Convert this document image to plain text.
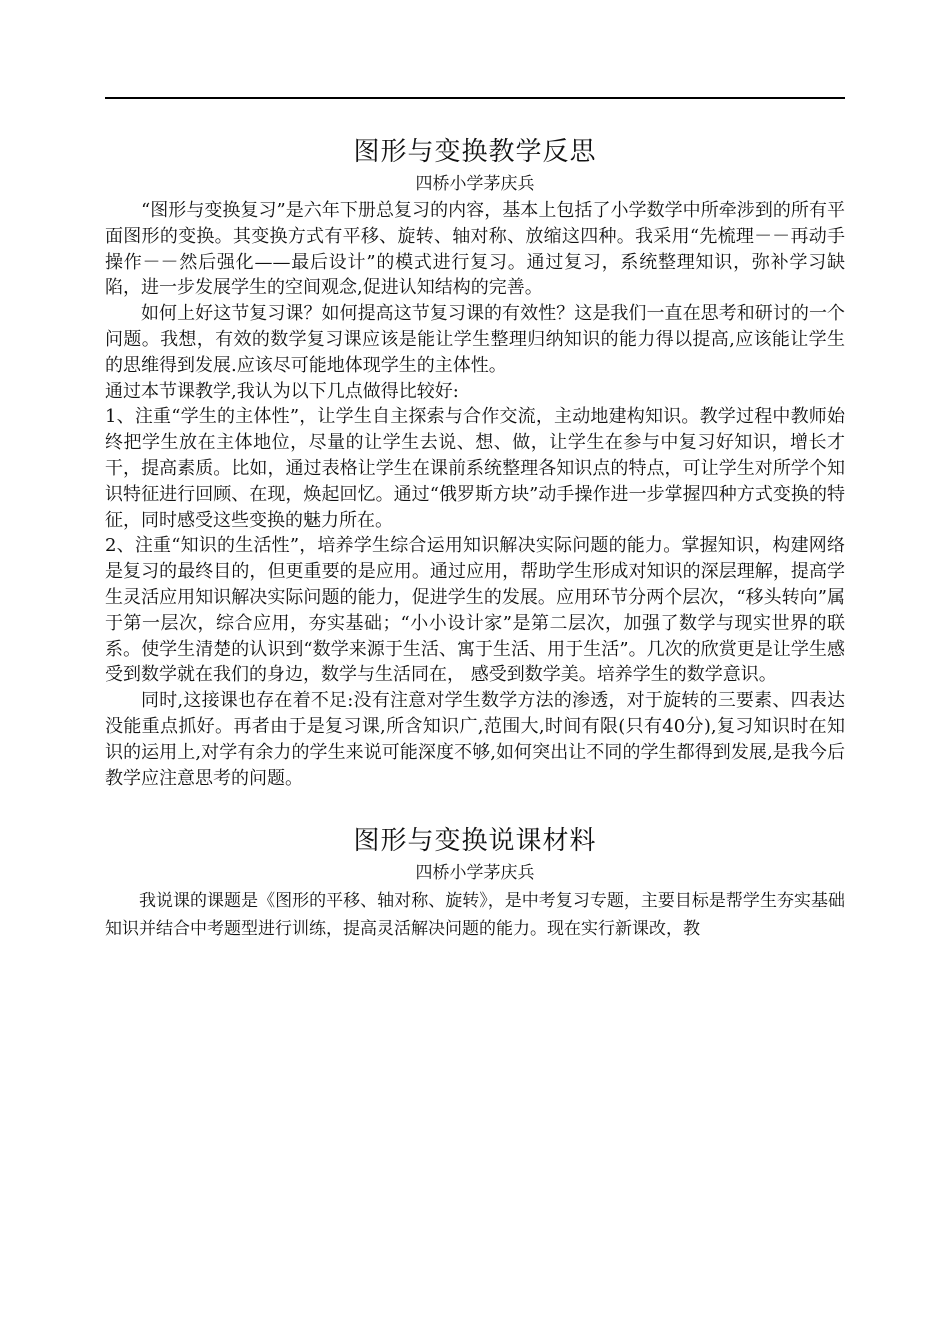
图形与变换教学反思

四桥小学茅庆兵

“图形与变换复习”是六年下册总复习的内容，基本上包括了小学数学中所牵涉到的所有平面图形的变换。其变换方式有平移、旋转、轴对称、放缩这四种。我采用“先梳理－－再动手操作－－然后强化——最后设计”的模式进行复习。通过复习，系统整理知识，弥补学习缺陷，进一步发展学生的空间观念,促进认知结构的完善。

如何上好这节复习课？如何提高这节复习课的有效性？这是我们一直在思考和研讨的一个问题。我想，有效的数学复习课应该是能让学生整理归纳知识的能力得以提高,应该能让学生的思维得到发展.应该尽可能地体现学生的主体性。

通过本节课教学,我认为以下几点做得比较好:

1、注重“学生的主体性”，让学生自主探索与合作交流，主动地建构知识。教学过程中教师始终把学生放在主体地位，尽量的让学生去说、想、做，让学生在参与中复习好知识，增长才干，提高素质。比如，通过表格让学生在课前系统整理各知识点的特点，可让学生对所学个知识特征进行回顾、在现，焕起回忆。通过“俄罗斯方块”动手操作进一步掌握四种方式变换的特征，同时感受这些变换的魅力所在。

2、注重“知识的生活性”，培养学生综合运用知识解决实际问题的能力。掌握知识，构建网络是复习的最终目的，但更重要的是应用。通过应用，帮助学生形成对知识的深层理解，提高学生灵活应用知识解决实际问题的能力，促进学生的发展。应用环节分两个层次，“移头转向”属于第一层次，综合应用，夯实基础；“小小设计家”是第二层次，加强了数学与现实世界的联系。使学生清楚的认识到“数学来源于生活、寓于生活、用于生活”。几次的欣赏更是让学生感受到数学就在我们的身边，数学与生活同在， 感受到数学美。培养学生的数学意识。

同时,这接课也存在着不足:没有注意对学生数学方法的渗透，对于旋转的三要素、四表达没能重点抓好。再者由于是复习课,所含知识广,范围大,时间有限(只有40分),复习知识时在知识的运用上,对学有余力的学生来说可能深度不够,如何突出让不同的学生都得到发展,是我今后教学应注意思考的问题。

图形与变换说课材料

四桥小学茅庆兵

我说课的课题是《图形的平移、轴对称、旋转》，是中考复习专题，主要目标是帮学生夯实基础知识并结合中考题型进行训练，提高灵活解决问题的能力。现在实行新课改，教
